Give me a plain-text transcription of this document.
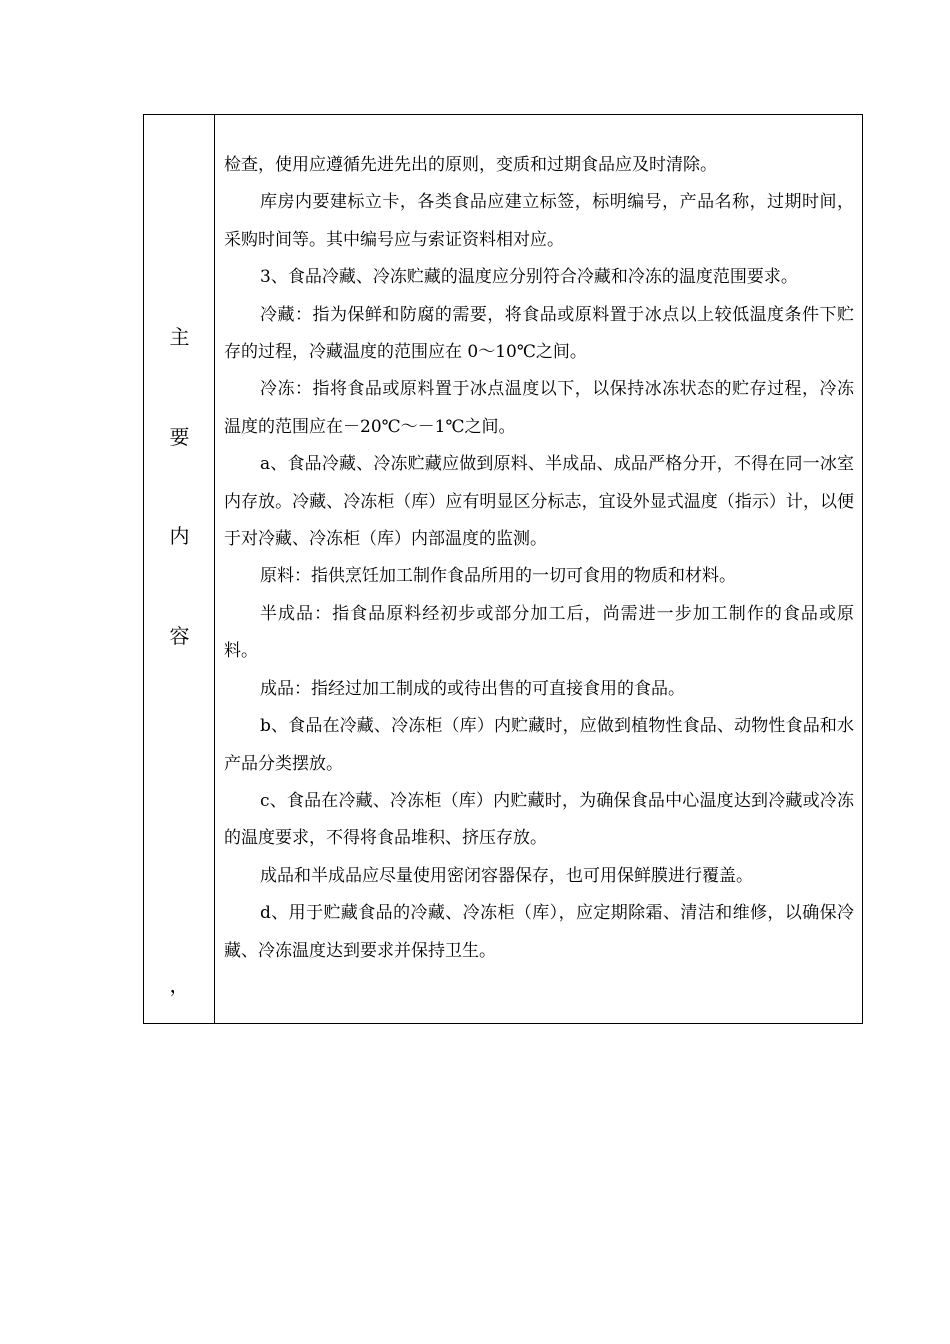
主
要
内
容
，

检查，使用应遵循先进先出的原则，变质和过期食品应及时清除。

库房内要建标立卡，各类食品应建立标签，标明编号，产品名称，过期时间，采购时间等。其中编号应与索证资料相对应。

3、食品冷藏、冷冻贮藏的温度应分别符合冷藏和冷冻的温度范围要求。

冷藏：指为保鲜和防腐的需要，将食品或原料置于冰点以上较低温度条件下贮存的过程，冷藏温度的范围应在 0～10℃之间。

冷冻：指将食品或原料置于冰点温度以下，以保持冰冻状态的贮存过程，冷冻温度的范围应在－20℃～－1℃之间。

a、食品冷藏、冷冻贮藏应做到原料、半成品、成品严格分开，不得在同一冰室内存放。冷藏、冷冻柜（库）应有明显区分标志，宜设外显式温度（指示）计，以便于对冷藏、冷冻柜（库）内部温度的监测。

原料：指供烹饪加工制作食品所用的一切可食用的物质和材料。

半成品：指食品原料经初步或部分加工后，尚需进一步加工制作的食品或原料。

成品：指经过加工制成的或待出售的可直接食用的食品。

b、食品在冷藏、冷冻柜（库）内贮藏时，应做到植物性食品、动物性食品和水产品分类摆放。

c、食品在冷藏、冷冻柜（库）内贮藏时，为确保食品中心温度达到冷藏或冷冻的温度要求，不得将食品堆积、挤压存放。

成品和半成品应尽量使用密闭容器保存，也可用保鲜膜进行覆盖。

d、用于贮藏食品的冷藏、冷冻柜（库），应定期除霜、清洁和维修，以确保冷藏、冷冻温度达到要求并保持卫生。
